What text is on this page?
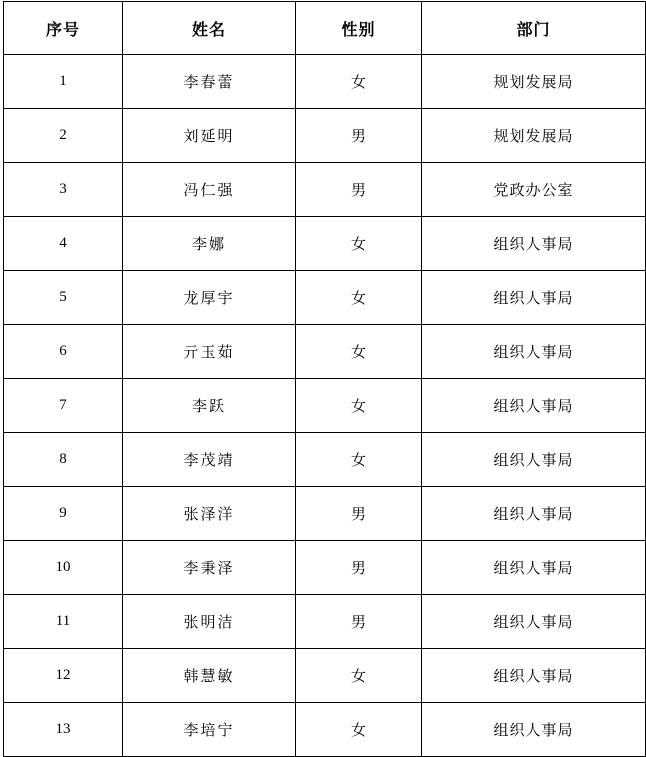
序号	姓名	性别	部门
1	李春蕾	女	规划发展局
2	刘延明	男	规划发展局
3	冯仁强	男	党政办公室
4	李娜	女	组织人事局
5	龙厚宇	女	组织人事局
6	亓玉茹	女	组织人事局
7	李跃	女	组织人事局
8	李茂靖	女	组织人事局
9	张泽洋	男	组织人事局
10	李秉泽	男	组织人事局
11	张明洁	男	组织人事局
12	韩慧敏	女	组织人事局
13	李培宁	女	组织人事局
